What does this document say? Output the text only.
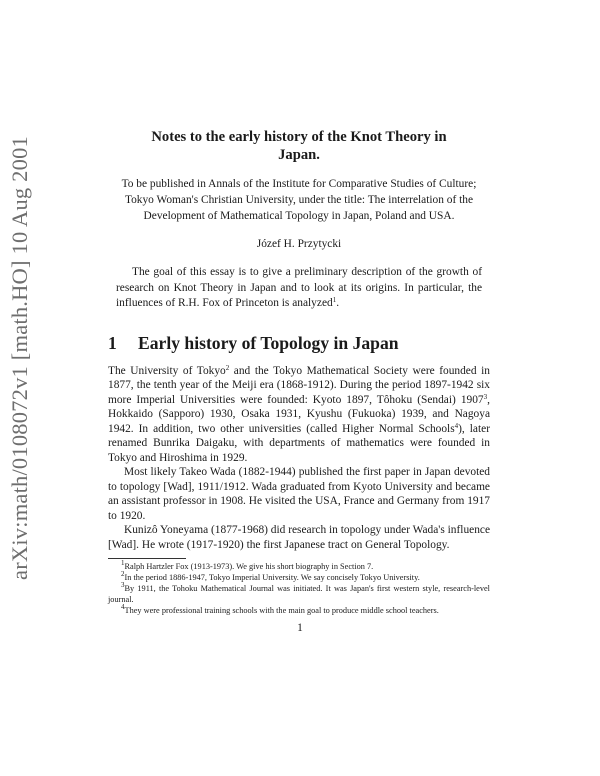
arXiv:math/0108072v1 [math.HO] 10 Aug 2001	Notes to the early history of the Knot Theory in
Japan.

To be published in Annals of the Institute for Comparative Studies of Culture; Tokyo Woman's Christian University, under the title: The interrelation of the Development of Mathematical Topology in Japan, Poland and USA.

Józef H. Przytycki

The goal of this essay is to give a preliminary description of the growth of research on Knot Theory in Japan and to look at its origins. In particular, the influences of R.H. Fox of Princeton is analyzed$^1$.

1 Early history of Topology in Japan

The University of Tokyo$^2$ and the Tokyo Mathematical Society were founded in 1877, the tenth year of the Meiji era (1868-1912). During the period 1897-1942 six more Imperial Universities were founded: Kyoto 1897, Tôhoku (Sendai) 1907$^3$, Hokkaido (Sapporo) 1930, Osaka 1931, Kyushu (Fukuoka) 1939, and Nagoya 1942. In addition, two other universities (called Higher Normal Schools$^4$), later renamed Bunrika Daigaku, with departments of mathematics were founded in Tokyo and Hiroshima in 1929.

Most likely Takeo Wada (1882-1944) published the first paper in Japan devoted to topology [Wad], 1911/1912. Wada graduated from Kyoto University and became an assistant professor in 1908. He visited the USA, France and Germany from 1917 to 1920.

Kunizô Yoneyama (1877-1968) did research in topology under Wada's influence [Wad]. He wrote (1917-1920) the first Japanese tract on General Topology.

$^1$Ralph Hartzler Fox (1913-1973). We give his short biography in Section 7.

$^2$In the period 1886-1947, Tokyo Imperial University. We say concisely Tokyo University.

$^3$By 1911, the Tohoku Mathematical Journal was initiated. It was Japan's first western style, research-level journal.

$^4$They were professional training schools with the main goal to produce middle school teachers.

1
